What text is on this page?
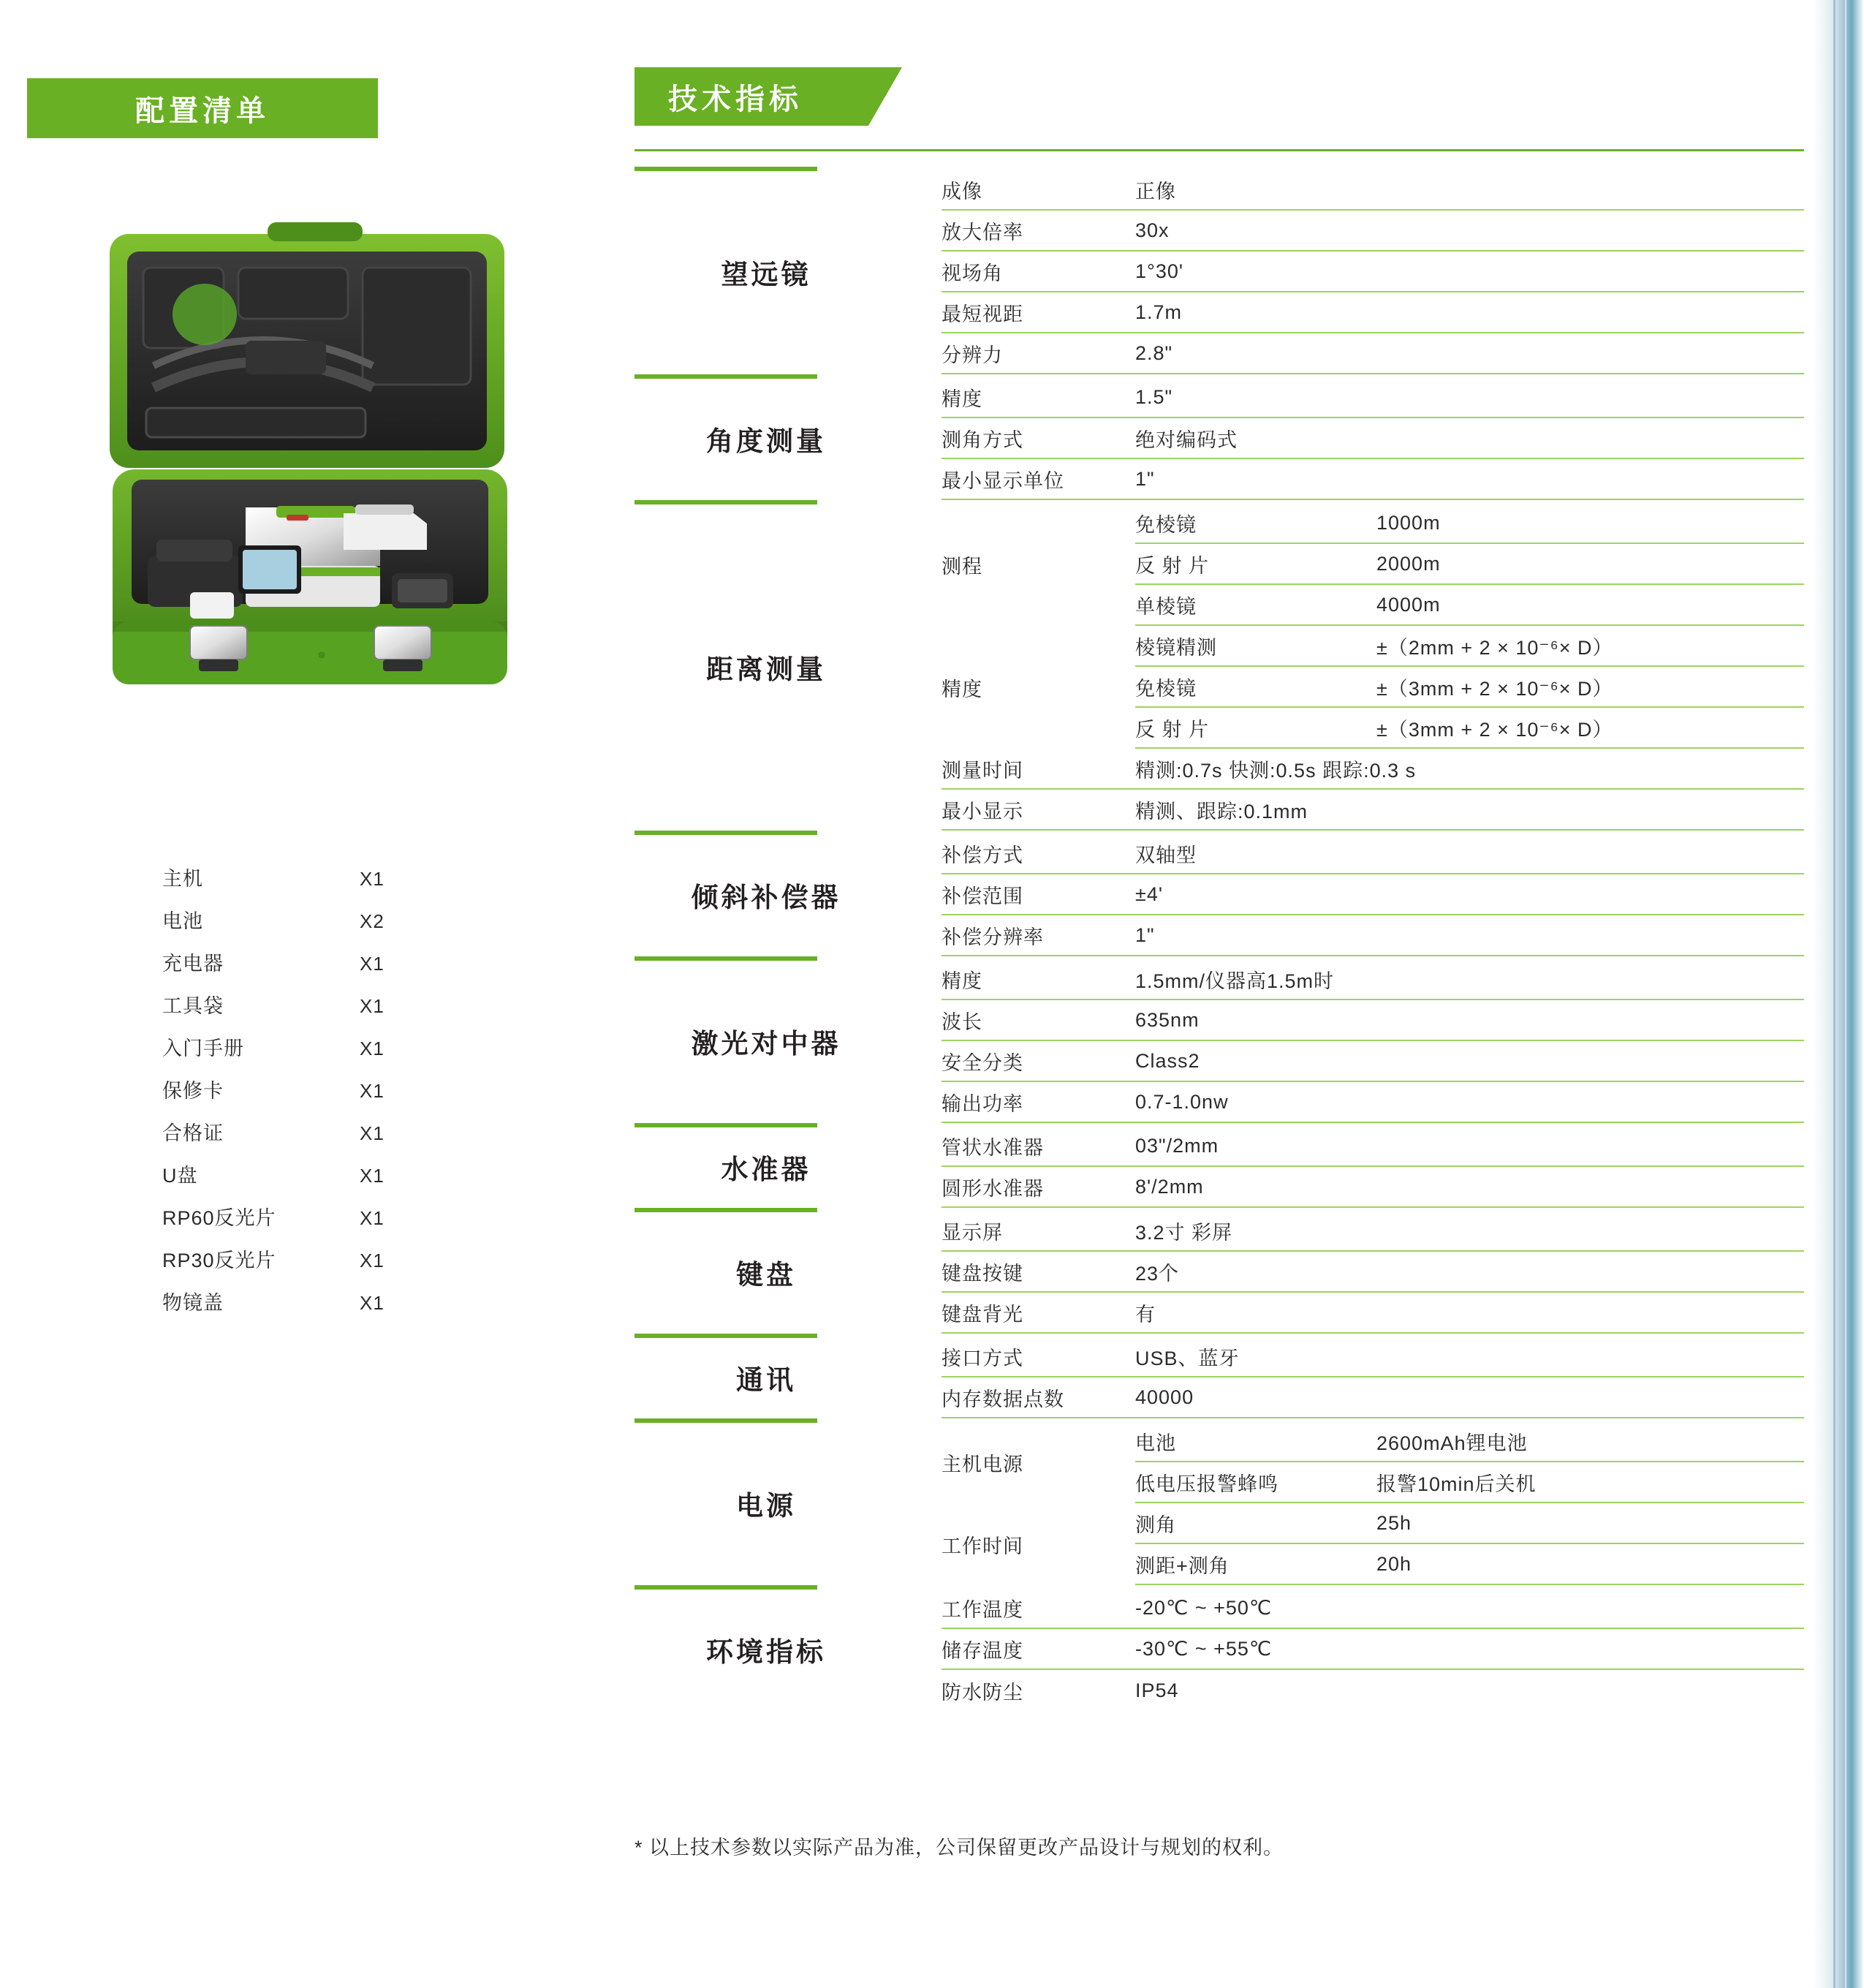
配置清单
●
主机	X1
电池	X2
充电器	X1
工具袋	X1
入门手册	X1
保修卡	X1
合格证	X1
U盘	X1
RP60反光片	X1
RP30反光片	X1
物镜盖	X1
技术指标
望远镜
成像	正像
放大倍率	30x
视场角	1°30'
最短视距	1.7m
分辨力	2.8"
角度测量
精度	1.5"
测角方式	绝对编码式
最小显示单位	1"
距离测量
测程
免棱镜	1000m
反 射 片	2000m
单棱镜	4000m
精度
棱镜精测	±（2mm + 2 × 10⁻⁶× D）
免棱镜	±（3mm + 2 × 10⁻⁶× D）
反 射 片	±（3mm + 2 × 10⁻⁶× D）
测量时间	精测:0.7s 快测:0.5s 跟踪:0.3 s
最小显示	精测、跟踪:0.1mm
倾斜补偿器
补偿方式	双轴型
补偿范围	±4'
补偿分辨率	1"
激光对中器
精度	1.5mm/仪器高1.5m时
波长	635nm
安全分类	Class2
输出功率	0.7-1.0nw
水准器
管状水准器	03"/2mm
圆形水准器	8'/2mm
键盘
显示屏	3.2寸 彩屏
键盘按键	23个
键盘背光	有
通讯
接口方式	USB、蓝牙
内存数据点数	40000
电源
主机电源
电池	2600mAh锂电池
低电压报警蜂鸣	报警10min后关机
工作时间
测角	25h
测距+测角	20h
环境指标
工作温度	-20℃ ~ +50℃
储存温度	-30℃ ~ +55℃
防水防尘	IP54
* 以上技术参数以实际产品为准，公司保留更改产品设计与规划的权利。
